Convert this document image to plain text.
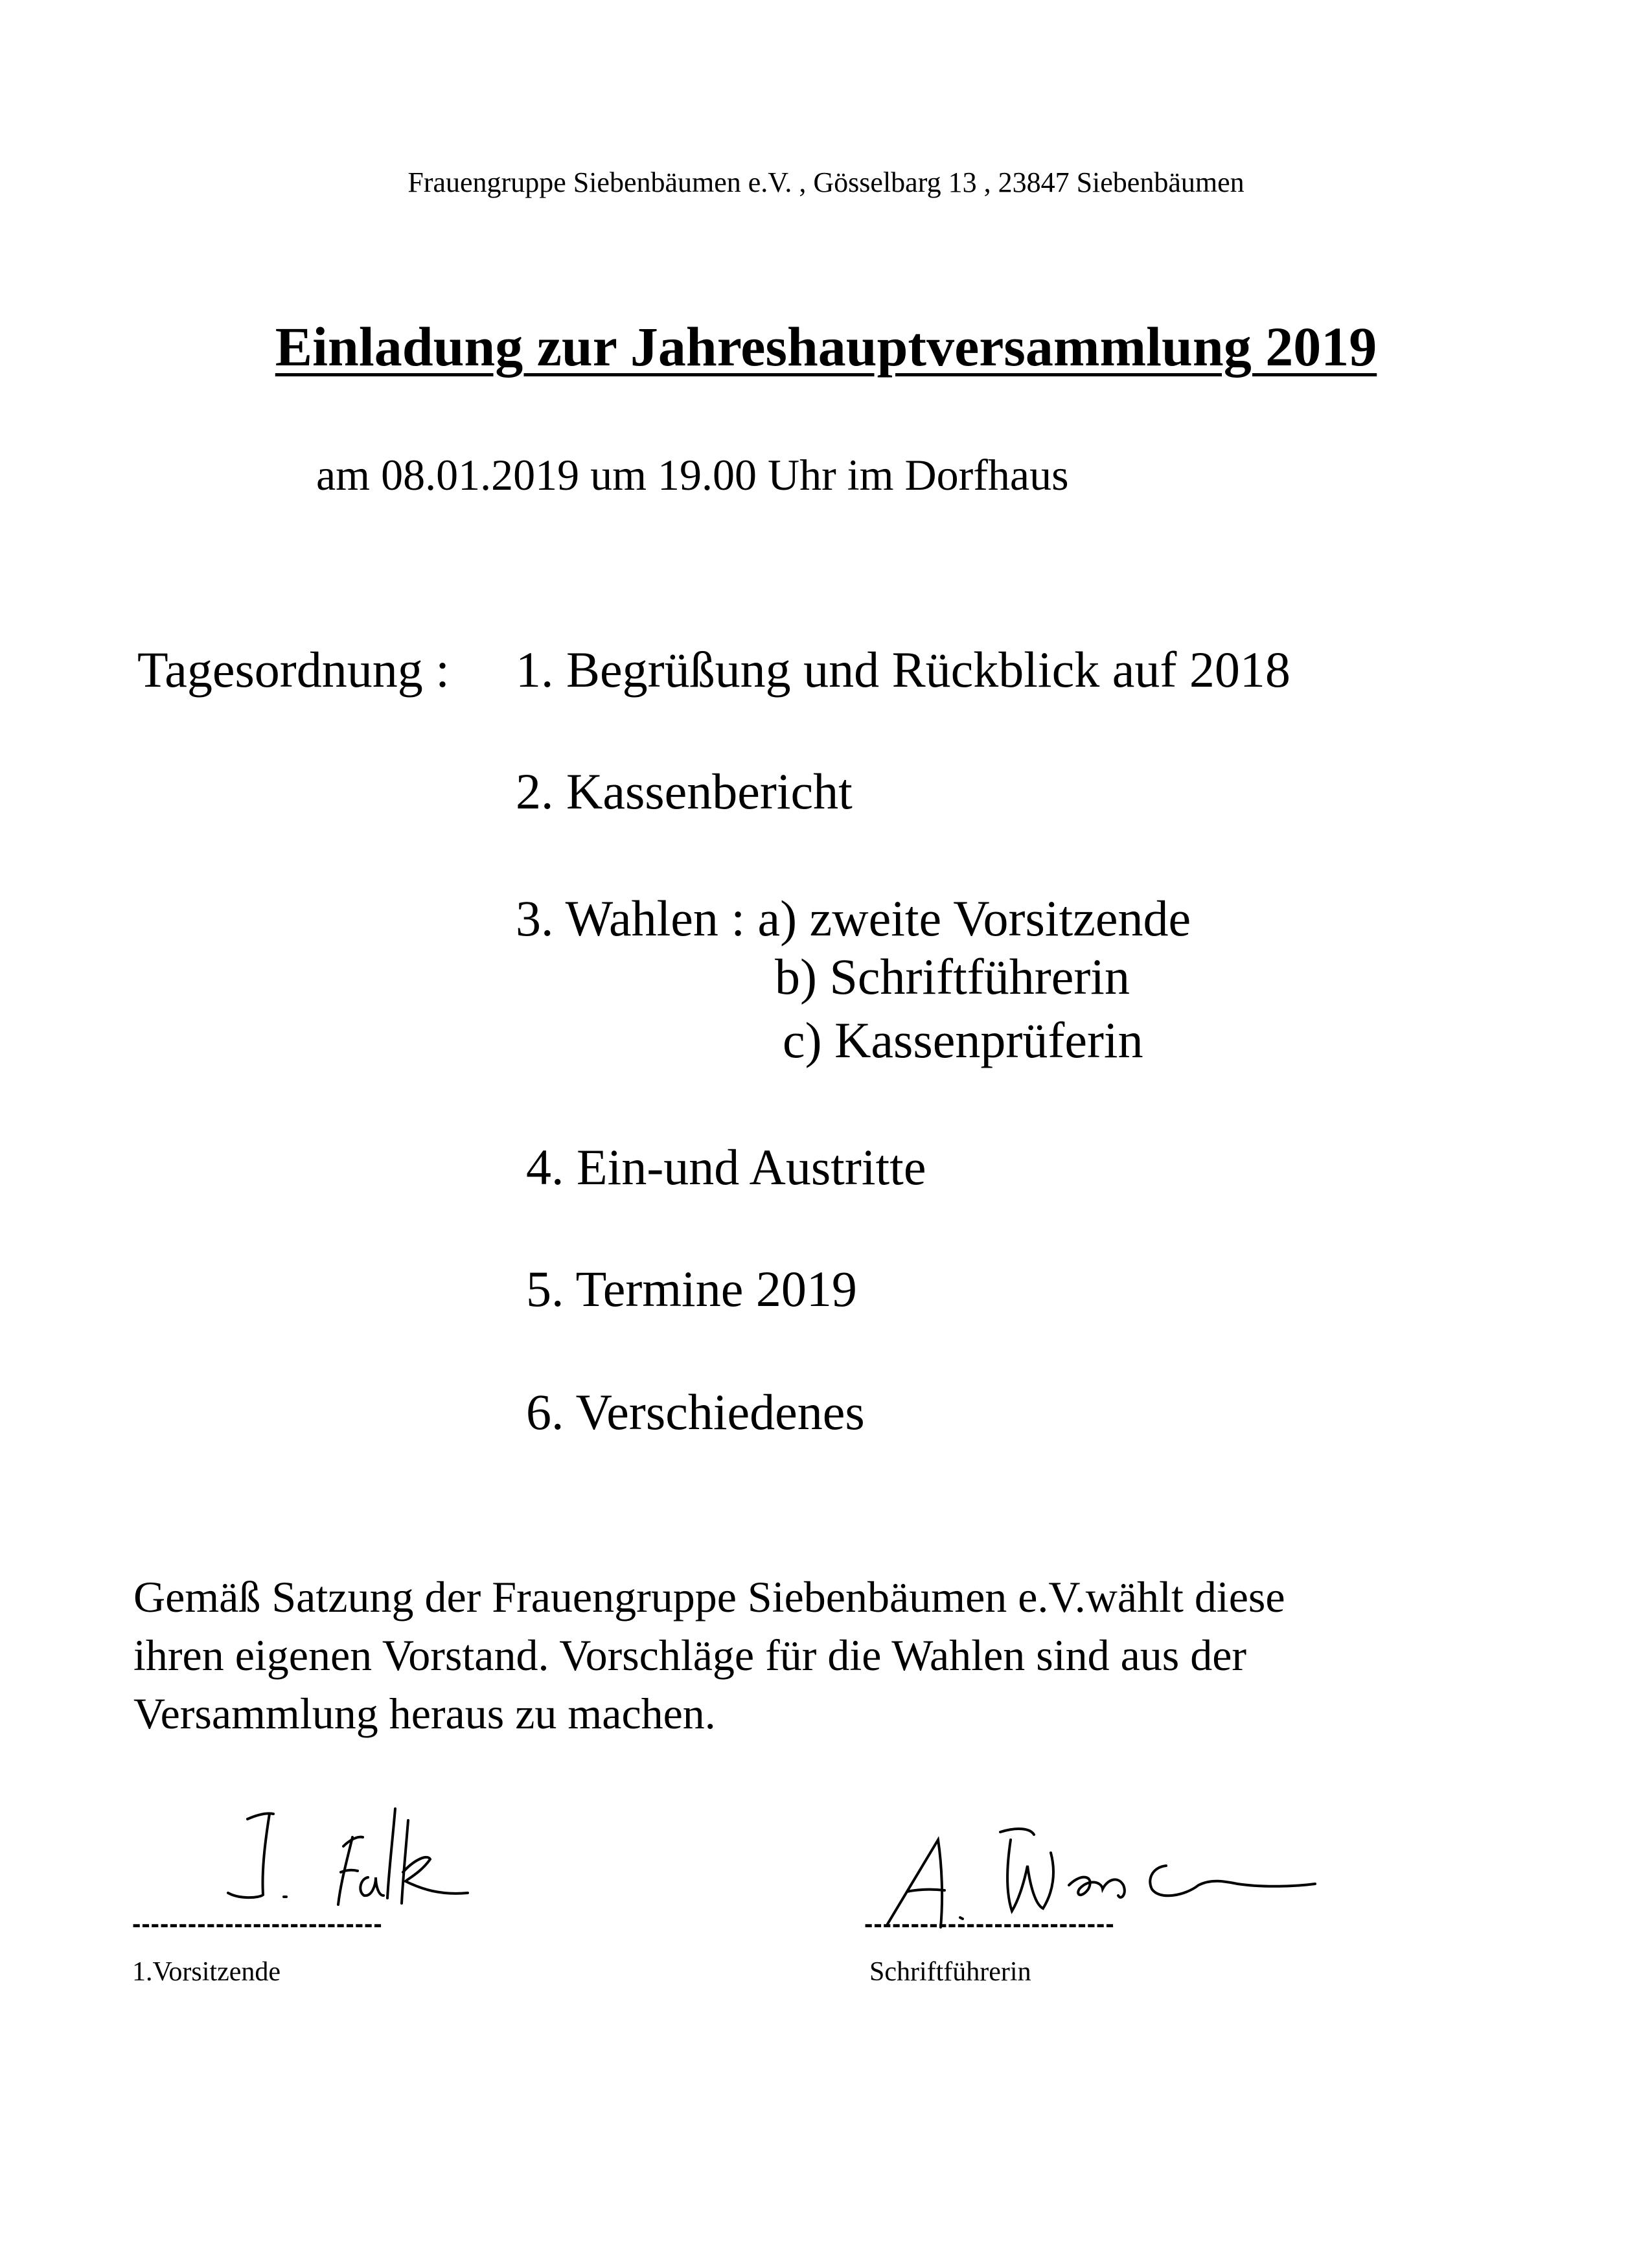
Frauengruppe Siebenbäumen e.V. , Gösselbarg 13 , 23847 Siebenbäumen
Einladung zur Jahreshauptversammlung 2019
am 08.01.2019 um 19.00 Uhr im Dorfhaus
Tagesordnung : 1. Begrüßung und Rückblick auf 2018
2. Kassenbericht
3. Wahlen : a) zweite Vorsitzende
b) Schriftführerin
c) Kassenprüferin
4. Ein-und Austritte
5. Termine 2019
6. Verschiedenes
Gemäß Satzung der Frauengruppe Siebenbäumen e.V.wählt diese
ihren eigenen Vorstand. Vorschläge für die Wahlen sind aus der
Versammlung heraus zu machen.
---------------------------	---------------------------
1.Vorsitzende	Schriftführerin
